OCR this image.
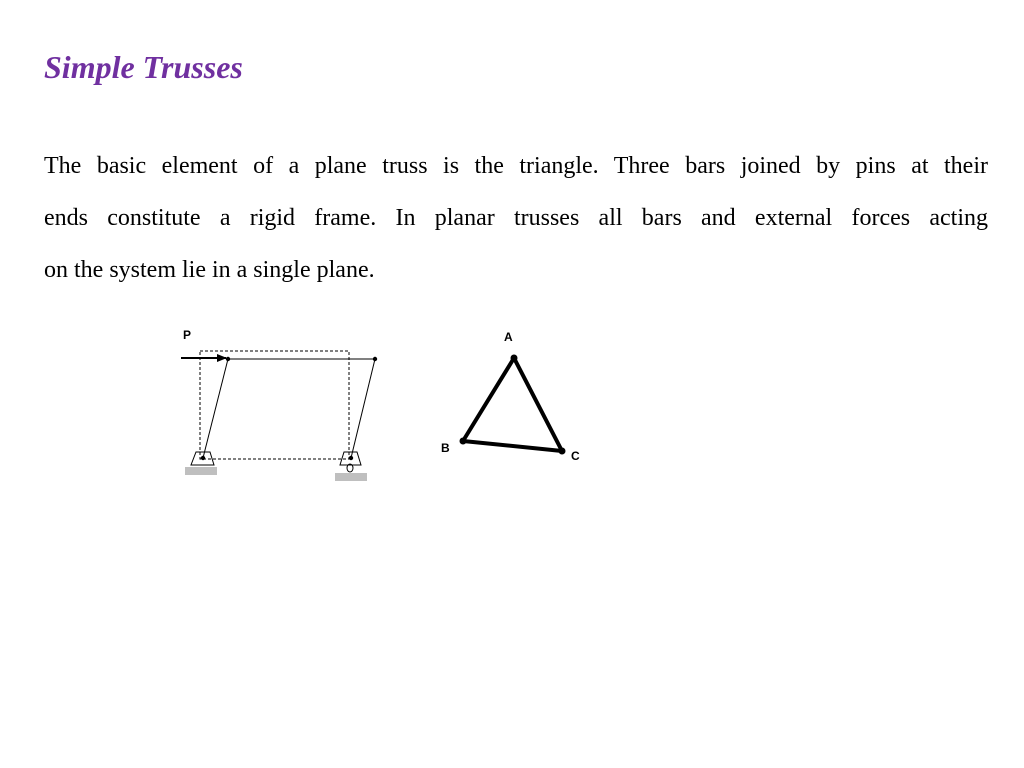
Simple Trusses
The basic element of a plane truss is the triangle. Three bars joined by pins at their
ends constitute a rigid frame. In planar trusses all bars and external forces acting
on the system lie in a single plane.
P	A
B
C
